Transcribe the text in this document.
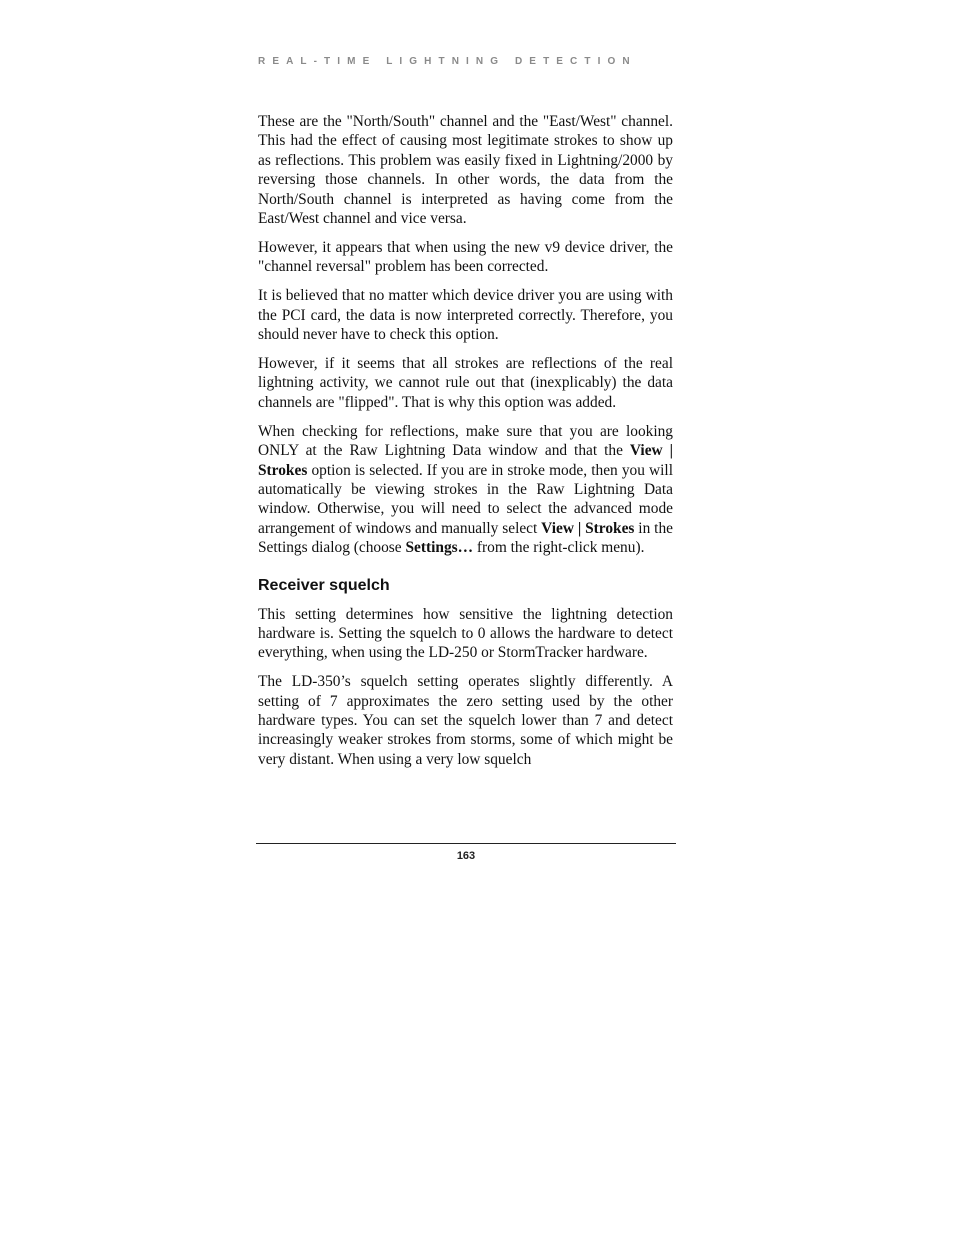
REAL-TIME LIGHTNING DETECTION

These are the "North/South" channel and the "East/West" channel. This had the effect of causing most legitimate strokes to show up as reflections. This problem was easily fixed in Lightning/2000 by reversing those channels. In other words, the data from the North/South channel is interpreted as having come from the East/West channel and vice versa.

However, it appears that when using the new v9 device driver, the "channel reversal" problem has been corrected.

It is believed that no matter which device driver you are using with the PCI card, the data is now interpreted correctly. Therefore, you should never have to check this option.

However, if it seems that all strokes are reflections of the real lightning activity, we cannot rule out that (inexplicably) the data channels are "flipped". That is why this option was added.

When checking for reflections, make sure that you are looking ONLY at the Raw Lightning Data window and that the View | Strokes option is selected. If you are in stroke mode, then you will automatically be viewing strokes in the Raw Lightning Data window. Otherwise, you will need to select the advanced mode arrangement of windows and manually select View | Strokes in the Settings dialog (choose Settings… from the right-click menu).

Receiver squelch

This setting determines how sensitive the lightning detection hardware is. Setting the squelch to 0 allows the hardware to detect everything, when using the LD-250 or StormTracker hardware.

The LD-350’s squelch setting operates slightly differently. A setting of 7 approximates the zero setting used by the other hardware types. You can set the squelch lower than 7 and detect increasingly weaker strokes from storms, some of which might be very distant. When using a very low squelch

163
